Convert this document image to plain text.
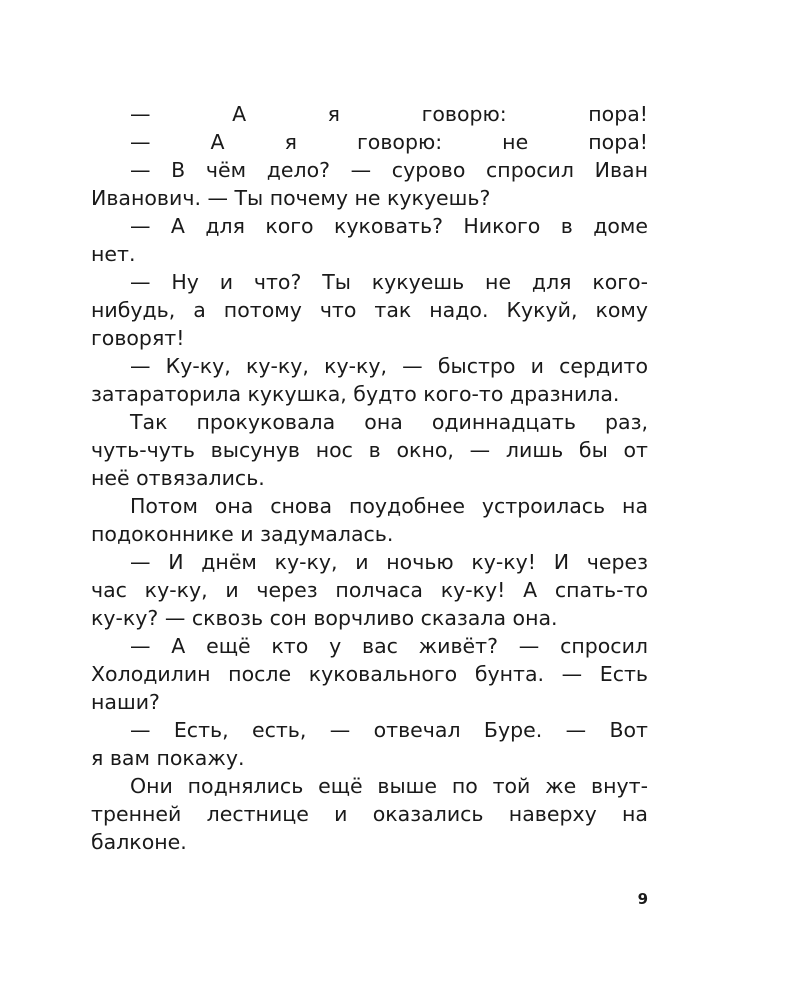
— А я говорю: пора!
— А я говорю: не пора!
— В чём дело? — сурово спросил Иван
Иванович. — Ты почему не кукуешь?
— А для кого куковать? Никого в доме
нет.
— Ну и что? Ты кукуешь не для кого-
нибудь, а потому что так надо. Кукуй, кому
говорят!
— Ку-ку, ку-ку, ку-ку, — быстро и сердито
затараторила кукушка, будто кого-то дразнила.
Так прокуковала она одиннадцать раз,
чуть-чуть высунув нос в окно, — лишь бы от
неё отвязались.
Потом она снова поудобнее устроилась на
подоконнике и задумалась.
— И днём ку-ку, и ночью ку-ку! И через
час ку-ку, и через полчаса ку-ку! А спать-то
ку-ку? — сквозь сон ворчливо сказала она.
— А ещё кто у вас живёт? — спросил
Холодилин после куковального бунта. — Есть
наши?
— Есть, есть, — отвечал Буре. — Вот
я вам покажу.
Они поднялись ещё выше по той же внут-
тренней лестнице и оказались наверху на
балконе.
9
